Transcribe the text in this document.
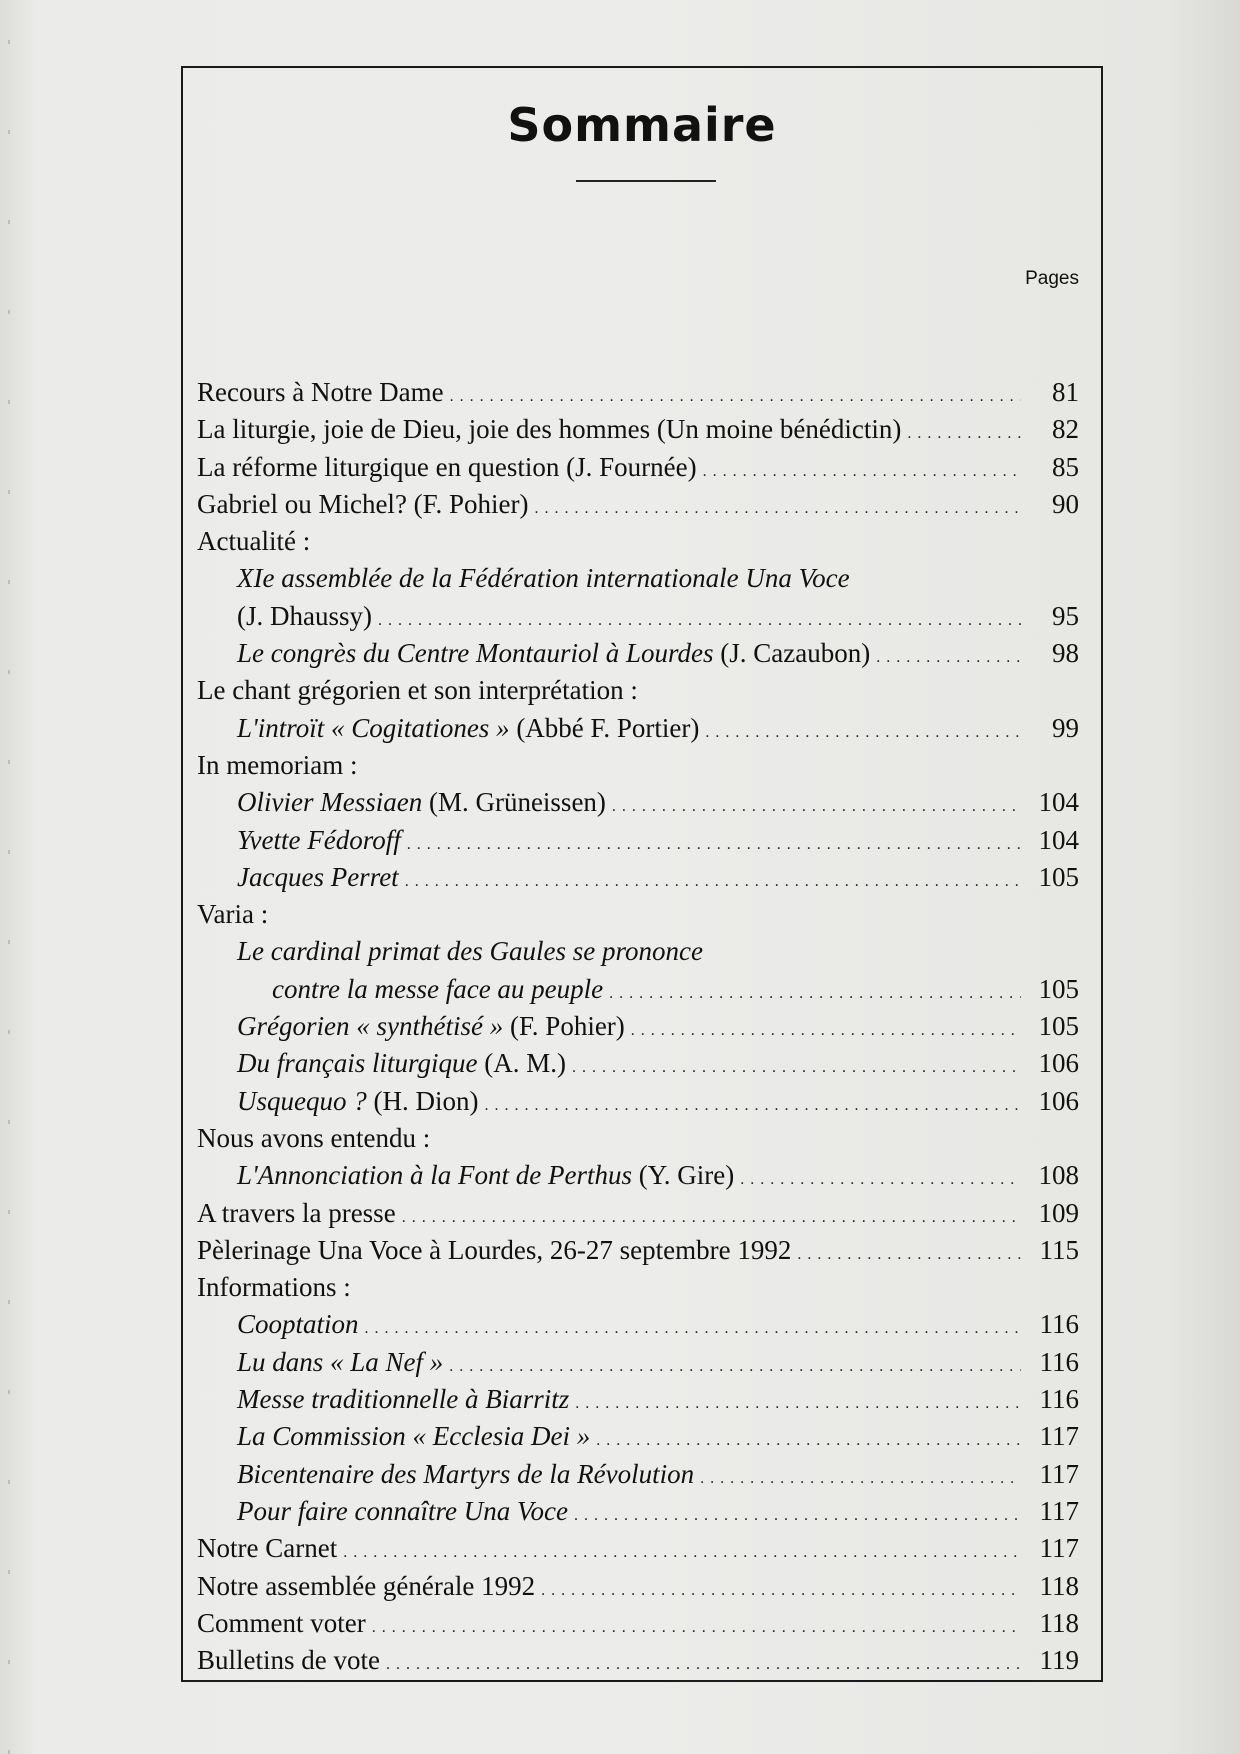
Sommaire
Pages
Recours à Notre Dame . . .	81
La liturgie, joie de Dieu, joie des hommes (Un moine bénédictin) . . .	82
La réforme liturgique en question (J. Fournée) . . .	85
Gabriel ou Michel? (F. Pohier) . . .	90
Actualité :
XIe assemblée de la Fédération internationale Una Voce
(J. Dhaussy) . . .	95
Le congrès du Centre Montauriol à Lourdes (J. Cazaubon) . . .	98
Le chant grégorien et son interprétation :
L'introït « Cogitationes » (Abbé F. Portier) . . .	99
In memoriam :
Olivier Messiaen (M. Grüneissen) . . .	104
Yvette Fédoroff . . .	104
Jacques Perret . . .	105
Varia :
Le cardinal primat des Gaules se prononce
contre la messe face au peuple . . .	105
Grégorien « synthétisé » (F. Pohier) . . .	105
Du français liturgique (A. M.) . . .	106
Usquequo ? (H. Dion) . . .	106
Nous avons entendu :
L'Annonciation à la Font de Perthus (Y. Gire) . . .	108
A travers la presse . . .	109
Pèlerinage Una Voce à Lourdes, 26-27 septembre 1992 . . .	115
Informations :
Cooptation . . .	116
Lu dans « La Nef » . . .	116
Messe traditionnelle à Biarritz . . .	116
La Commission « Ecclesia Dei » . . .	117
Bicentenaire des Martyrs de la Révolution . . .	117
Pour faire connaître Una Voce . . .	117
Notre Carnet . . .	117
Notre assemblée générale 1992 . . .	118
Comment voter . . .	118
Bulletins de vote . . .	119
